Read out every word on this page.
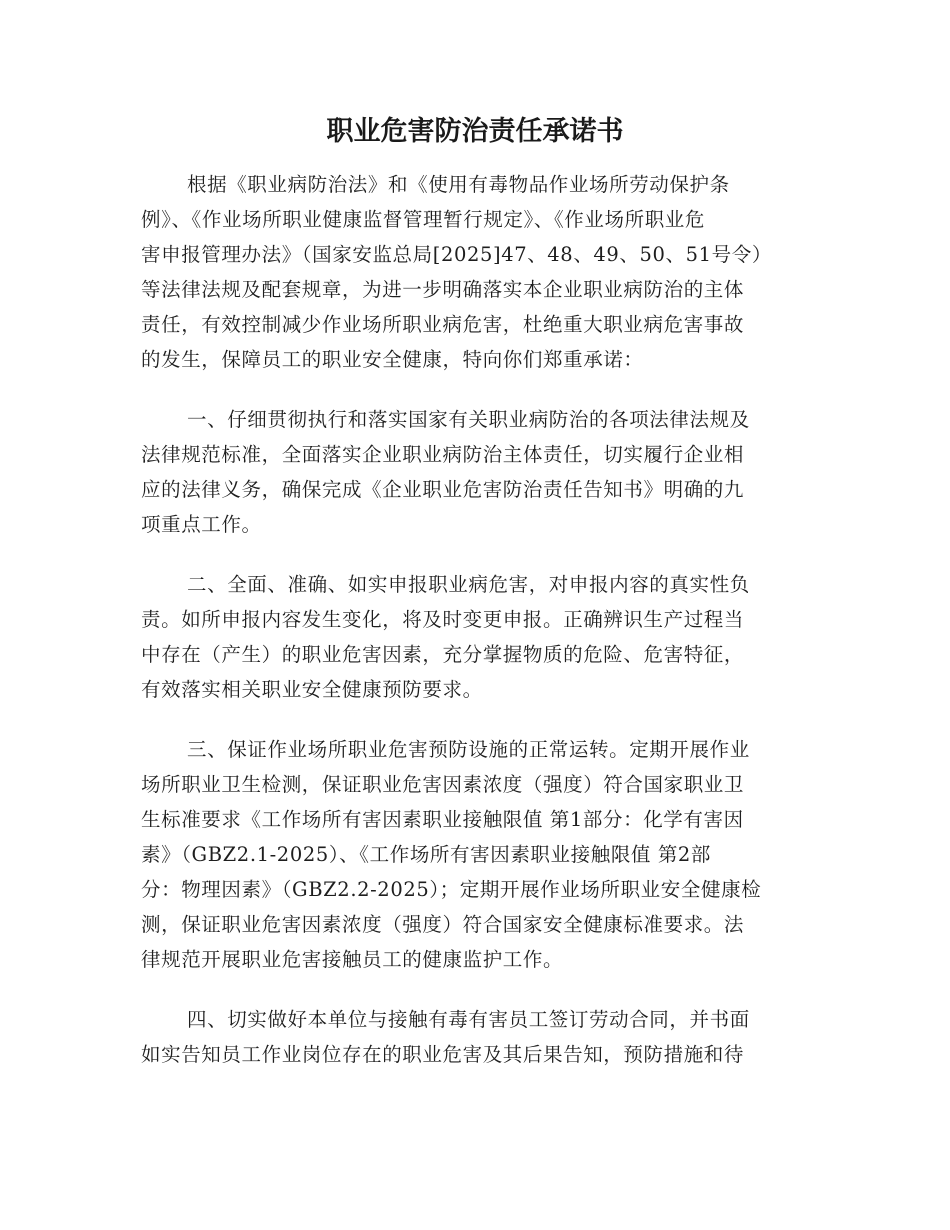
职业危害防治责任承诺书

根据《职业病防治法》和《使用有毒物品作业场所劳动保护条

例》、《作业场所职业健康监督管理暂行规定》、《作业场所职业危

害申报管理办法》（国家安监总局[2025]47、48、49、50、51号令）

等法律法规及配套规章，为进一步明确落实本企业职业病防治的主体

责任，有效控制减少作业场所职业病危害，杜绝重大职业病危害事故

的发生，保障员工的职业安全健康，特向你们郑重承诺：

一、仔细贯彻执行和落实国家有关职业病防治的各项法律法规及

法律规范标准，全面落实企业职业病防治主体责任，切实履行企业相

应的法律义务，确保完成《企业职业危害防治责任告知书》明确的九

项重点工作。

二、全面、准确、如实申报职业病危害，对申报内容的真实性负

责。如所申报内容发生变化，将及时变更申报。正确辨识生产过程当

中存在（产生）的职业危害因素，充分掌握物质的危险、危害特征，

有效落实相关职业安全健康预防要求。

三、保证作业场所职业危害预防设施的正常运转。定期开展作业

场所职业卫生检测，保证职业危害因素浓度（强度）符合国家职业卫

生标准要求《工作场所有害因素职业接触限值 第1部分：化学有害因

素》（GBZ2.1-2025）、《工作场所有害因素职业接触限值 第2部

分：物理因素》（GBZ2.2-2025）；定期开展作业场所职业安全健康检

测，保证职业危害因素浓度（强度）符合国家安全健康标准要求。法

律规范开展职业危害接触员工的健康监护工作。

四、切实做好本单位与接触有毒有害员工签订劳动合同，并书面

如实告知员工作业岗位存在的职业危害及其后果告知，预防措施和待
